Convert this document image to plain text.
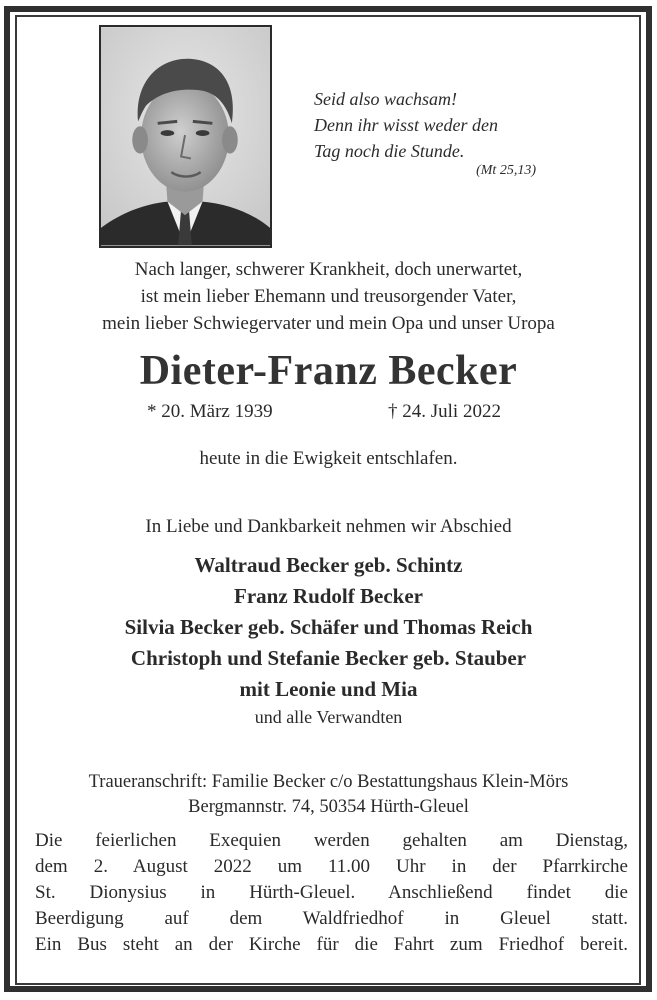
Seid also wachsam!
Denn ihr wisst weder den
Tag noch die Stunde.
(Mt 25,13)
Nach langer, schwerer Krankheit, doch unerwartet,
ist mein lieber Ehemann und treusorgender Vater,
mein lieber Schwiegervater und mein Opa und unser Uropa
Dieter-Franz Becker
* 20. März 1939	† 24. Juli 2022
heute in die Ewigkeit entschlafen.
In Liebe und Dankbarkeit nehmen wir Abschied
Waltraud Becker geb. Schintz
Franz Rudolf Becker
Silvia Becker geb. Schäfer und Thomas Reich
Christoph und Stefanie Becker geb. Stauber
mit Leonie und Mia
und alle Verwandten
Traueranschrift: Familie Becker c/o Bestattungshaus Klein-Mörs
Bergmannstr. 74, 50354 Hürth-Gleuel
Die feierlichen Exequien werden gehalten am Dienstag,
dem 2. August 2022 um 11.00 Uhr in der Pfarrkirche
St. Dionysius in Hürth-Gleuel. Anschließend findet die
Beerdigung auf dem Waldfriedhof in Gleuel statt.
Ein Bus steht an der Kirche für die Fahrt zum Friedhof bereit.
